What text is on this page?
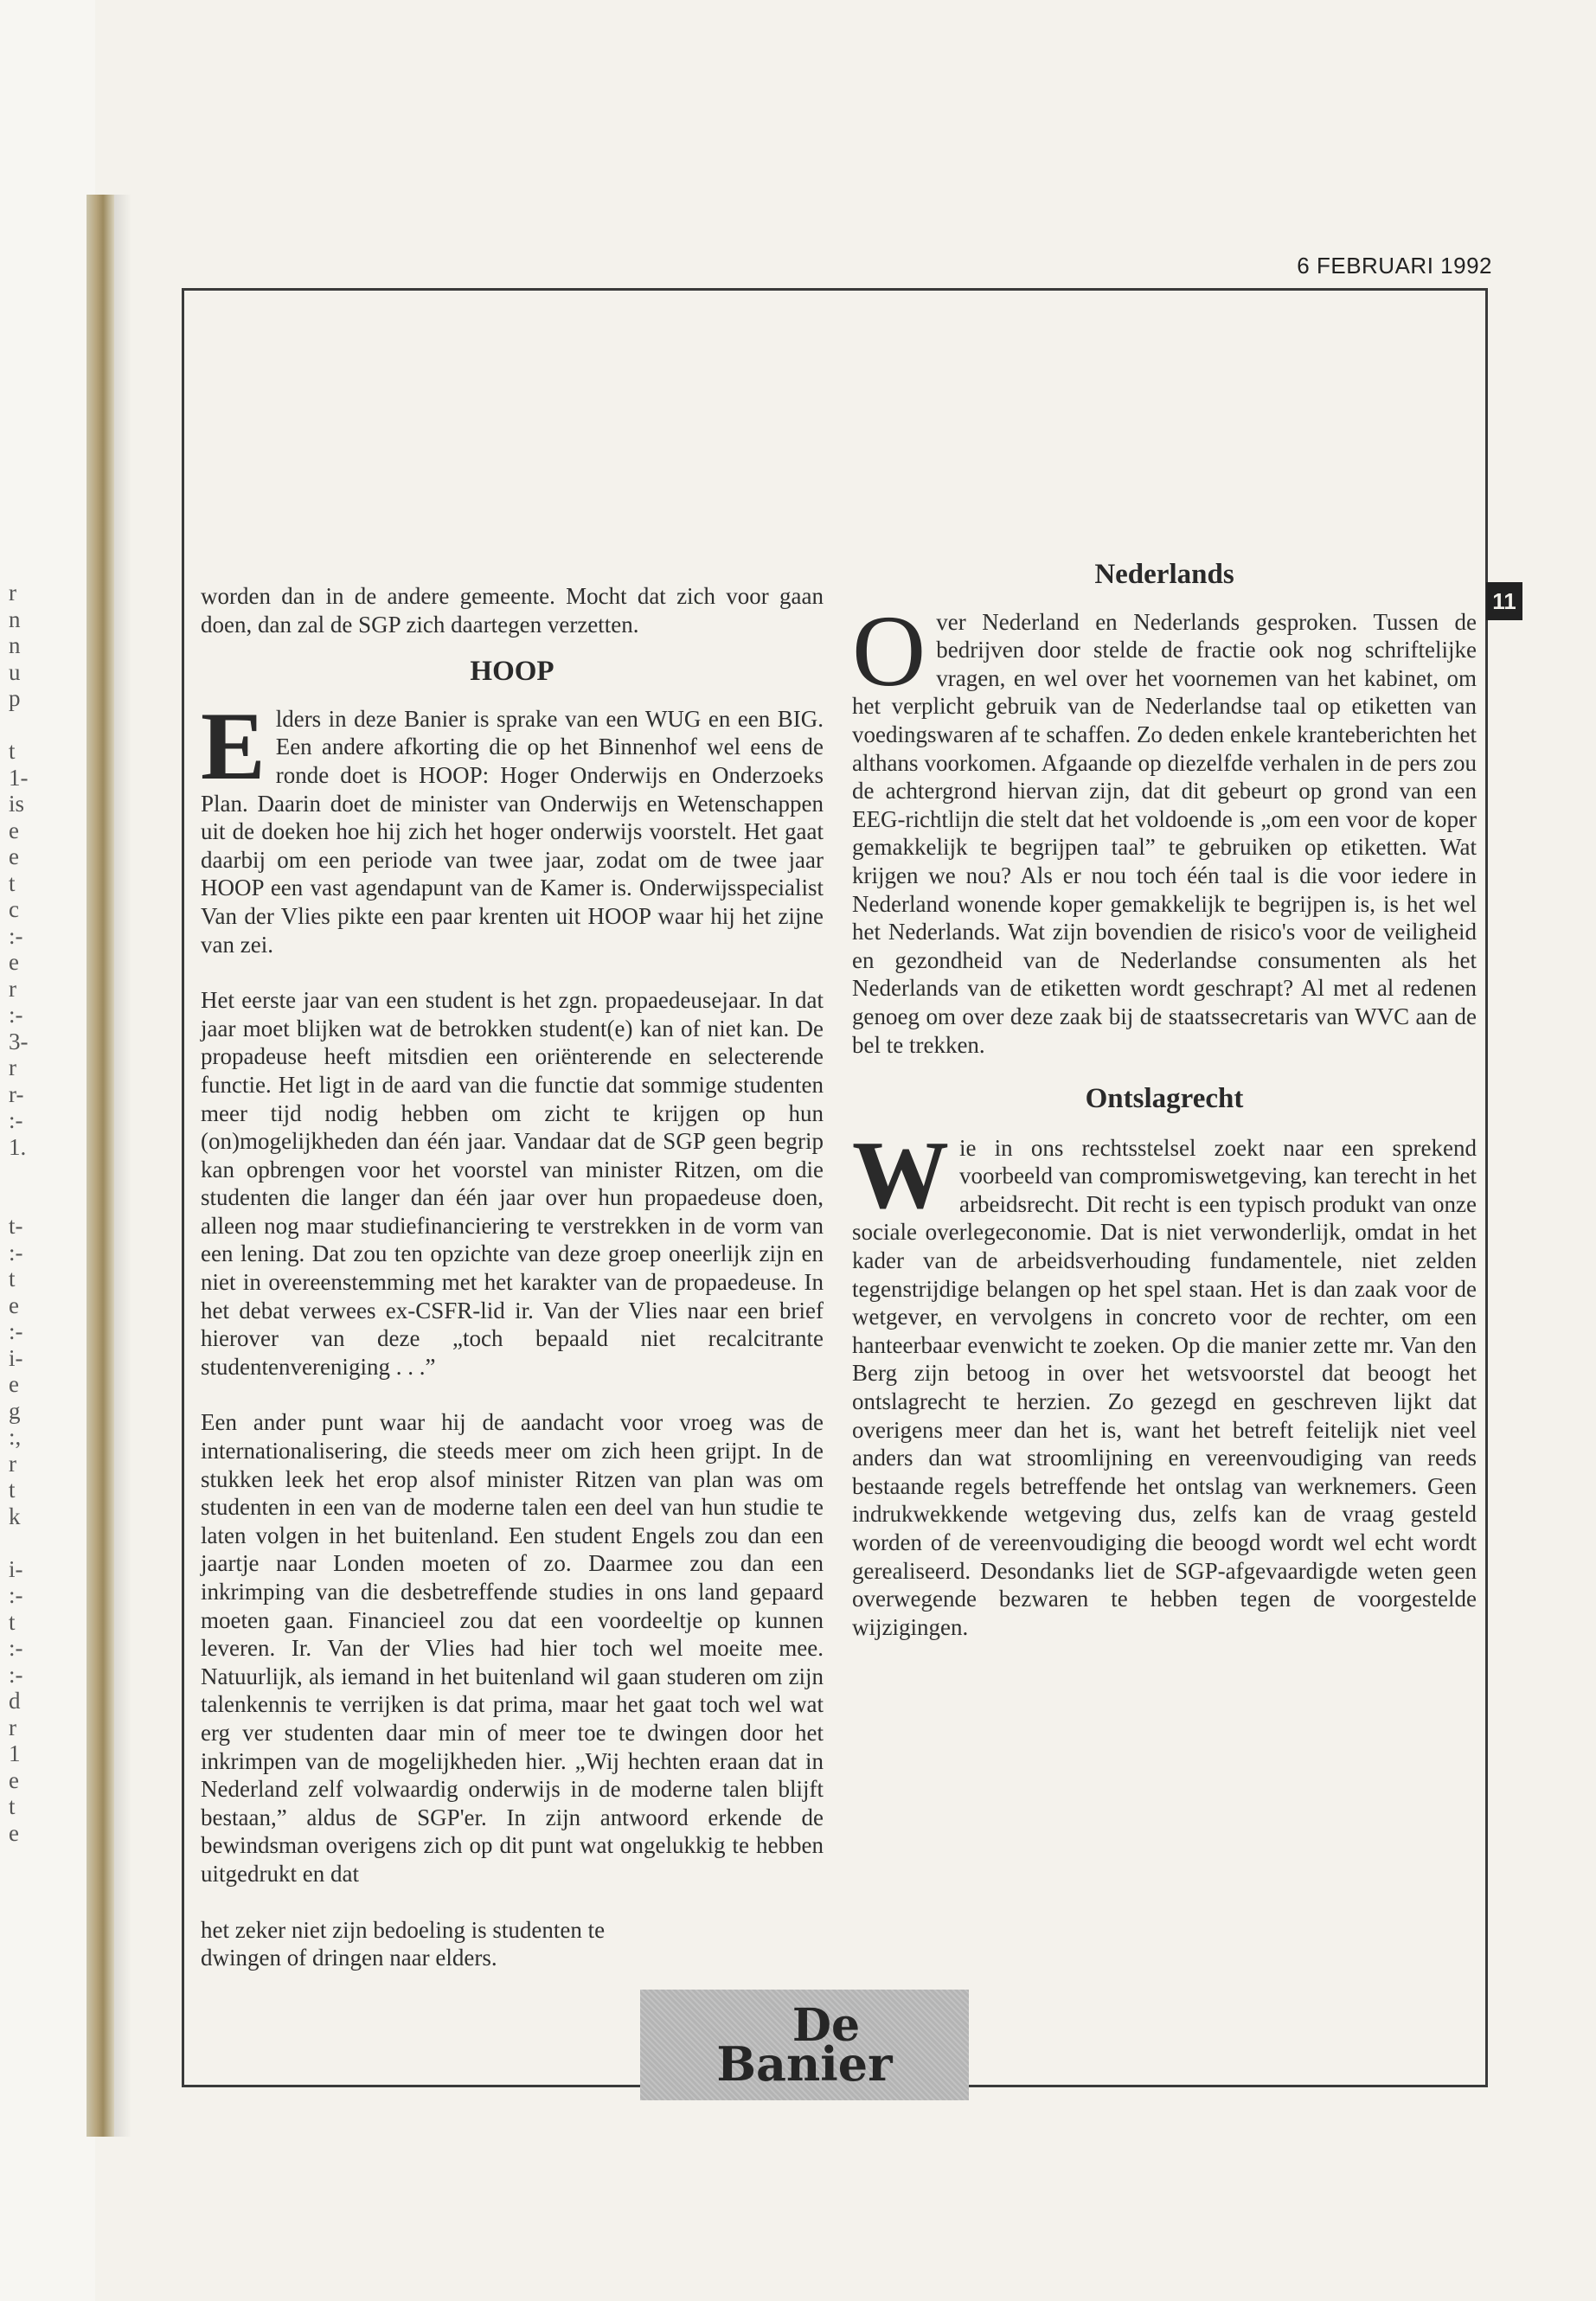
r
n
n
u
p

t
1-
is
e
e
t
c
:-
e
r
:-
3-
r
r-
:-
1.

t-
:-
t
e
:-
i-
e
g
:,
r
t
k

i-
:-
t
:-
:-
d
r
1
e
t
e
6 FEBRUARI 1992
11

worden dan in de andere gemeente. Mocht dat zich voor gaan doen, dan zal de SGP zich daartegen verzetten.

HOOP

Elders in deze Banier is sprake van een WUG en een BIG. Een andere afkorting die op het Binnenhof wel eens de ronde doet is HOOP: Hoger Onderwijs en Onderzoeks Plan. Daarin doet de minister van Onderwijs en Wetenschappen uit de doeken hoe hij zich het hoger onderwijs voorstelt. Het gaat daarbij om een periode van twee jaar, zodat om de twee jaar HOOP een vast agendapunt van de Kamer is. Onderwijsspecialist Van der Vlies pikte een paar krenten uit HOOP waar hij het zijne van zei.

Het eerste jaar van een student is het zgn. propaedeusejaar. In dat jaar moet blijken wat de betrokken student(e) kan of niet kan. De propadeuse heeft mitsdien een oriënterende en selecterende functie. Het ligt in de aard van die functie dat sommige studenten meer tijd nodig hebben om zicht te krijgen op hun (on)mogelijkheden dan één jaar. Vandaar dat de SGP geen begrip kan opbrengen voor het voorstel van minister Ritzen, om die studenten die langer dan één jaar over hun propaedeuse doen, alleen nog maar studiefinanciering te verstrekken in de vorm van een lening. Dat zou ten opzichte van deze groep oneerlijk zijn en niet in overeenstemming met het karakter van de propaedeuse. In het debat verwees ex-CSFR-lid ir. Van der Vlies naar een brief hierover van deze „toch bepaald niet recalcitrante studentenvereniging . . .”

Een ander punt waar hij de aandacht voor vroeg was de internationalisering, die steeds meer om zich heen grijpt. In de stukken leek het erop alsof minister Ritzen van plan was om studenten in een van de moderne talen een deel van hun studie te laten volgen in het buitenland. Een student Engels zou dan een jaartje naar Londen moeten of zo. Daarmee zou dan een inkrimping van die desbetreffende studies in ons land gepaard moeten gaan. Financieel zou dat een voordeeltje op kunnen leveren. Ir. Van der Vlies had hier toch wel moeite mee. Natuurlijk, als iemand in het buitenland wil gaan studeren om zijn talenkennis te verrijken is dat prima, maar het gaat toch wel wat erg ver studenten daar min of meer toe te dwingen door het inkrimpen van de mogelijkheden hier. „Wij hechten eraan dat in Nederland zelf volwaardig onderwijs in de moderne talen blijft bestaan,” aldus de SGP'er. In zijn antwoord erkende de bewindsman overigens zich op dit punt wat ongelukkig te hebben uitgedrukt en dat

het zeker niet zijn bedoeling is studenten te dwingen of dringen naar elders.

Nederlands

Over Nederland en Nederlands gesproken. Tussen de bedrijven door stelde de fractie ook nog schriftelijke vragen, en wel over het voornemen van het kabinet, om het verplicht gebruik van de Nederlandse taal op etiketten van voedingswaren af te schaffen. Zo deden enkele kranteberichten het althans voorkomen. Afgaande op diezelfde verhalen in de pers zou de achtergrond hiervan zijn, dat dit gebeurt op grond van een EEG-richtlijn die stelt dat het voldoende is „om een voor de koper gemakkelijk te begrijpen taal” te gebruiken op etiketten. Wat krijgen we nou? Als er nou toch één taal is die voor iedere in Nederland wonende koper gemakkelijk te begrijpen is, is het wel het Nederlands. Wat zijn bovendien de risico's voor de veiligheid en gezondheid van de Nederlandse consumenten als het Nederlands van de etiketten wordt geschrapt? Al met al redenen genoeg om over deze zaak bij de staatssecretaris van WVC aan de bel te trekken.

Ontslagrecht

Wie in ons rechtsstelsel zoekt naar een sprekend voorbeeld van compromiswetgeving, kan terecht in het arbeidsrecht. Dit recht is een typisch produkt van onze sociale overlegeconomie. Dat is niet verwonderlijk, omdat in het kader van de arbeidsverhouding fundamentele, niet zelden tegenstrijdige belangen op het spel staan. Het is dan zaak voor de wetgever, en vervolgens in concreto voor de rechter, om een hanteerbaar evenwicht te zoeken. Op die manier zette mr. Van den Berg zijn betoog in over het wetsvoorstel dat beoogt het ontslagrecht te herzien. Zo gezegd en geschreven lijkt dat overigens meer dan het is, want het betreft feitelijk niet veel anders dan wat stroomlijning en vereenvoudiging van reeds bestaande regels betreffende het ontslag van werknemers. Geen indrukwekkende wetgeving dus, zelfs kan de vraag gesteld worden of de vereenvoudiging die beoogd wordt wel echt wordt gerealiseerd. Desondanks liet de SGP-afgevaardigde weten geen overwegende bezwaren te hebben tegen de voorgestelde wijzigingen.

De
Banier
